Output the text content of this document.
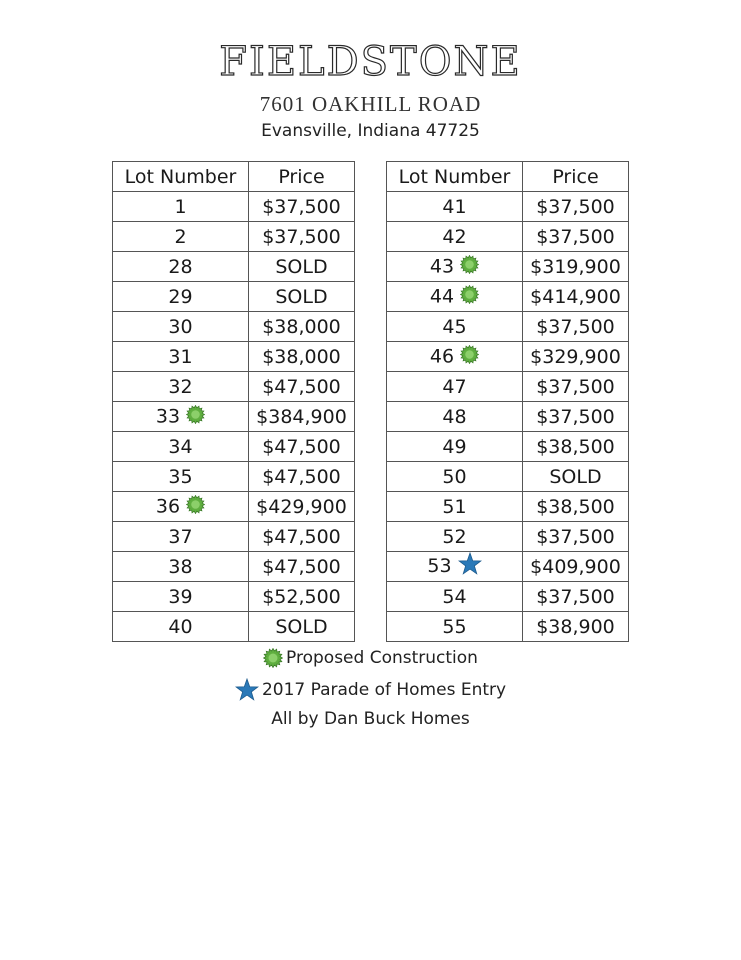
FIELDSTONE
7601 OAKHILL ROAD
Evansville, Indiana 47725
Lot Number	Price
1	$37,500
2	$37,500
28	SOLD
29	SOLD
30	$38,000
31	$38,000
32	$47,500
33	$384,900
34	$47,500
35	$47,500
36	$429,900
37	$47,500
38	$47,500
39	$52,500
40	SOLD
Lot Number	Price
41	$37,500
42	$37,500
43	$319,900
44	$414,900
45	$37,500
46	$329,900
47	$37,500
48	$37,500
49	$38,500
50	SOLD
51	$38,500
52	$37,500
53	$409,900
54	$37,500
55	$38,900
Proposed Construction
2017 Parade of Homes Entry
All by Dan Buck Homes
